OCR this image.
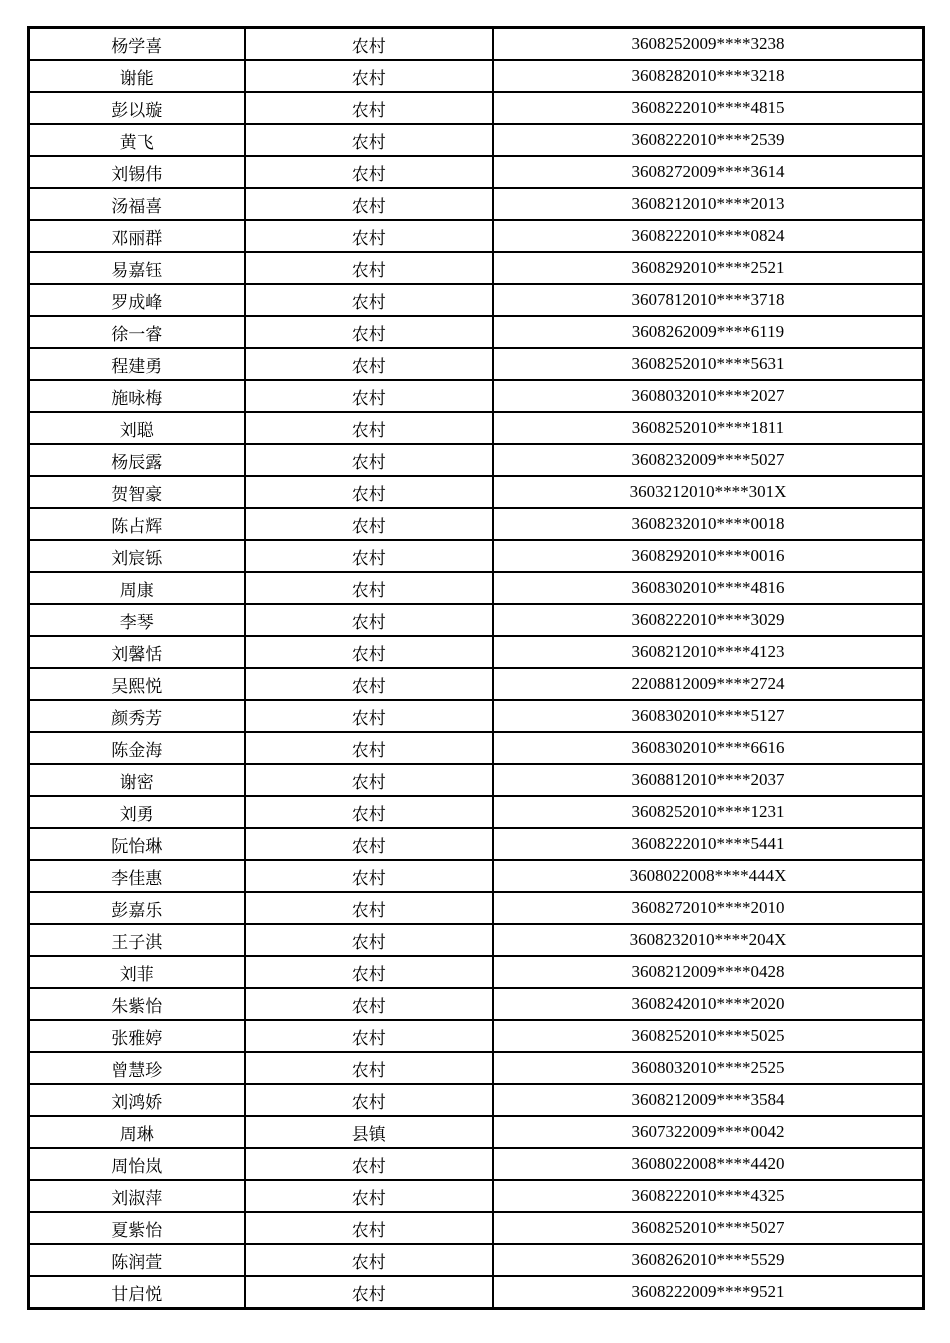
杨学喜	农村	3608252009****3238
谢能	农村	3608282010****3218
彭以璇	农村	3608222010****4815
黄飞	农村	3608222010****2539
刘锡伟	农村	3608272009****3614
汤福喜	农村	3608212010****2013
邓丽群	农村	3608222010****0824
易嘉钰	农村	3608292010****2521
罗成峰	农村	3607812010****3718
徐一睿	农村	3608262009****6119
程建勇	农村	3608252010****5631
施咏梅	农村	3608032010****2027
刘聪	农村	3608252010****1811
杨辰露	农村	3608232009****5027
贺智豪	农村	3603212010****301X
陈占辉	农村	3608232010****0018
刘宸铄	农村	3608292010****0016
周康	农村	3608302010****4816
李琴	农村	3608222010****3029
刘馨恬	农村	3608212010****4123
吴熙悦	农村	2208812009****2724
颜秀芳	农村	3608302010****5127
陈金海	农村	3608302010****6616
谢密	农村	3608812010****2037
刘勇	农村	3608252010****1231
阮怡琳	农村	3608222010****5441
李佳惠	农村	3608022008****444X
彭嘉乐	农村	3608272010****2010
王子淇	农村	3608232010****204X
刘菲	农村	3608212009****0428
朱紫怡	农村	3608242010****2020
张雅婷	农村	3608252010****5025
曾慧珍	农村	3608032010****2525
刘鸿娇	农村	3608212009****3584
周琳	县镇	3607322009****0042
周怡岚	农村	3608022008****4420
刘淑萍	农村	3608222010****4325
夏紫怡	农村	3608252010****5027
陈润萱	农村	3608262010****5529
甘启悦	农村	3608222009****9521
